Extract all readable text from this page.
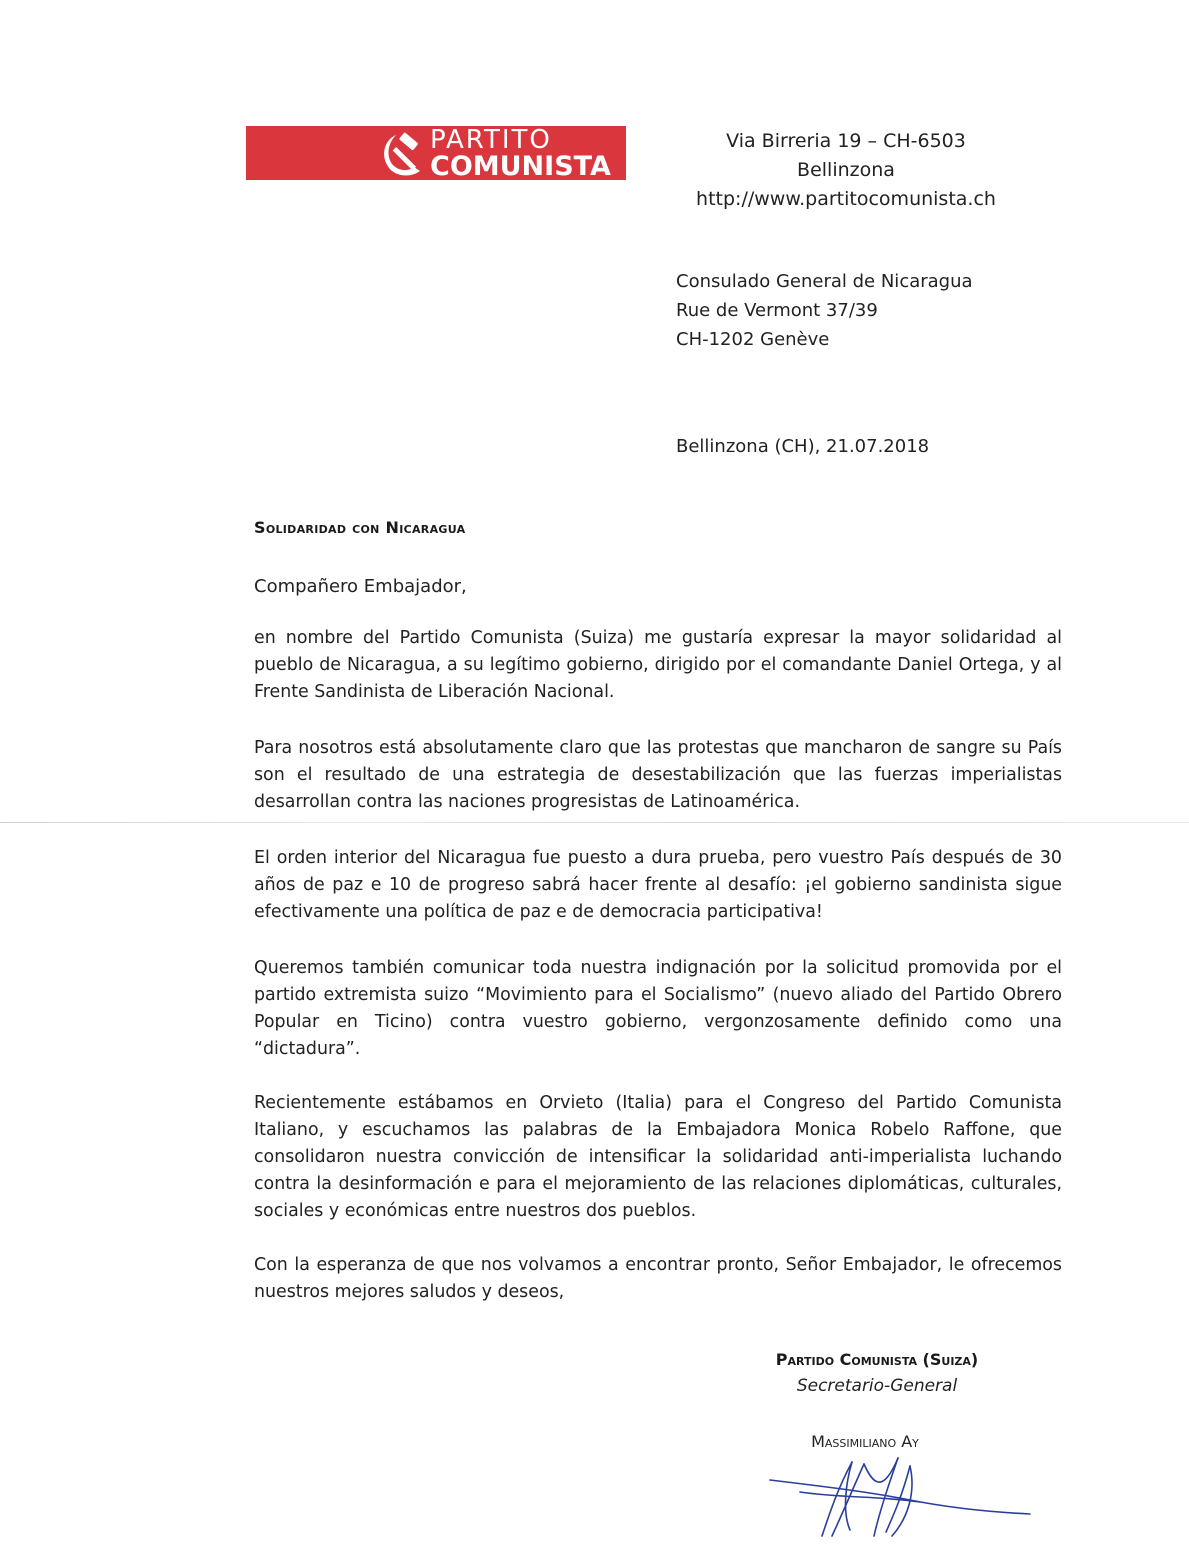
PARTITO
COMUNISTA
Via Birreria 19 – CH-6503 Bellinzona
http://www.partitocomunista.ch
Consulado General de Nicaragua
Rue de Vermont 37/39
CH-1202 Genève
Bellinzona (CH), 21.07.2018
Solidaridad con Nicaragua
Compañero Embajador,

en nombre del Partido Comunista (Suiza) me gustaría expresar la mayor solidaridad al pueblo de Nicaragua, a su legítimo gobierno, dirigido por el comandante Daniel Ortega, y al Frente Sandinista de Liberación Nacional.

Para nosotros está absolutamente claro que las protestas que mancharon de sangre su País son el resultado de una estrategia de desestabilización que las fuerzas imperialistas desarrollan contra las naciones progresistas de Latinoamérica.

El orden interior del Nicaragua fue puesto a dura prueba, pero vuestro País después de 30 años de paz e 10 de progreso sabrá hacer frente al desafío: ¡el gobierno sandinista sigue efectivamente una política de paz e de democracia participativa!

Queremos también comunicar toda nuestra indignación por la solicitud promovida por el partido extremista suizo “Movimiento para el Socialismo” (nuevo aliado del Partido Obrero Popular en Ticino) contra vuestro gobierno, vergonzosamente definido como una “dictadura”.

Recientemente estábamos en Orvieto (Italia) para el Congreso del Partido Comunista Italiano, y escuchamos las palabras de la Embajadora Monica Robelo Raffone, que consolidaron nuestra convicción de intensificar la solidaridad anti-imperialista luchando contra la desinformación e para el mejoramiento de las relaciones diplomáticas, culturales, sociales y económicas entre nuestros dos pueblos.

Con la esperanza de que nos volvamos a encontrar pronto, Señor Embajador, le ofrecemos nuestros mejores saludos y deseos,

Partido Comunista (Suiza)
Secretario-General
Massimiliano Ay
